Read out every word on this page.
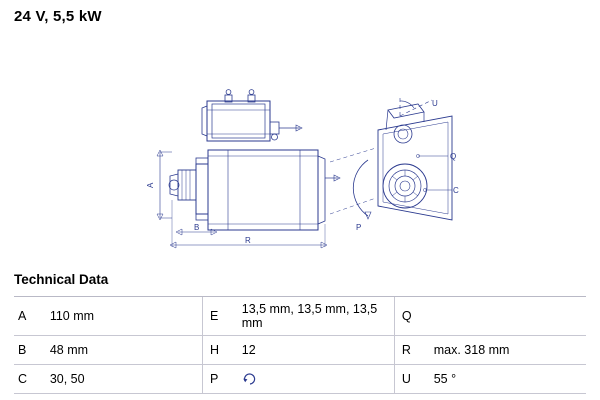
24 V, 5,5 kW
A
B
R
U
Q
C
P
Technical Data
A	110 mm	E	13,5 mm, 13,5 mm, 13,5 mm	Q	
B	48 mm	H	12	R	max. 318 mm
C	30, 50	P		U	55 °
